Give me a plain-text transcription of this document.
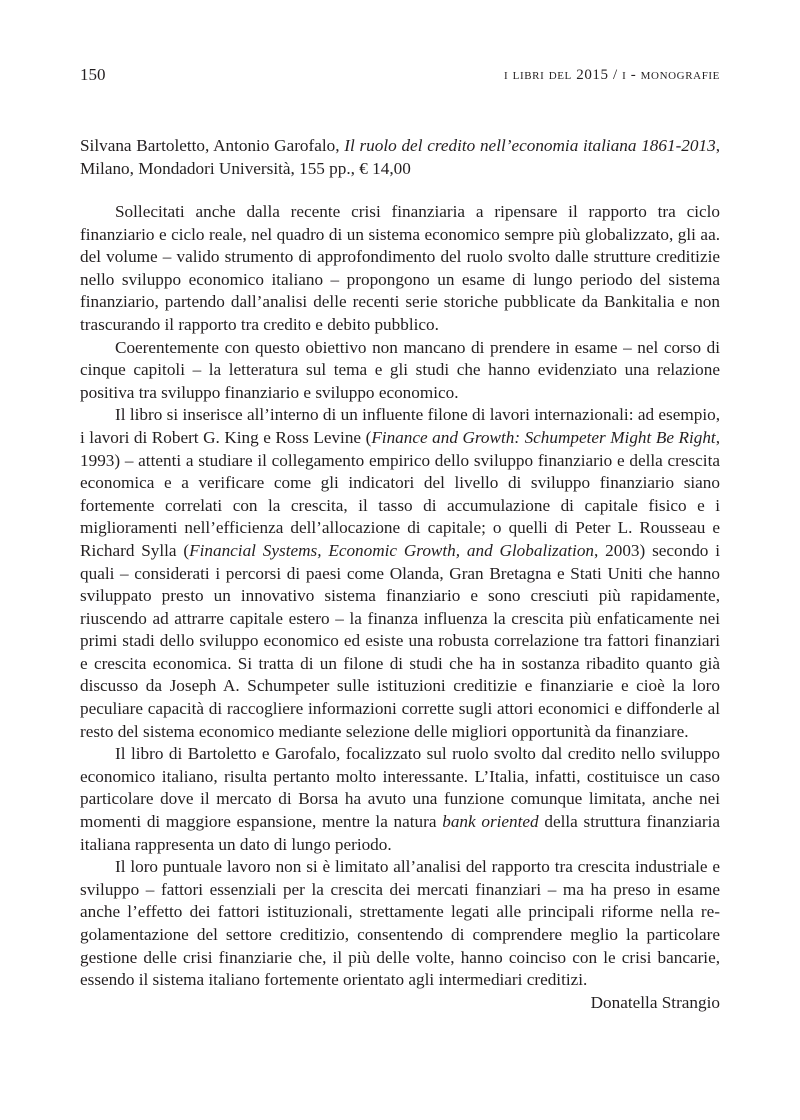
150	i libri del 2015 / i - monografie
Silvana Bartoletto, Antonio Garofalo, Il ruolo del credito nell’economia italiana 1861-2013, Milano, Mondadori Università, 155 pp., € 14,00

Sollecitati anche dalla recente crisi finanziaria a ripensare il rapporto tra ciclo finanziario e ciclo reale, nel quadro di un sistema economico sempre più globalizzato, gli aa. del volume – valido strumento di approfondimento del ruolo svolto dalle strutture creditizie nello sviluppo economico italiano – propongono un esame di lungo periodo del sistema finanziario, partendo dall’analisi delle recenti serie storiche pubblicate da Bankitalia e non trascurando il rapporto tra credito e debito pubblico.

Coerentemente con questo obiettivo non mancano di prendere in esame – nel corso di cinque capitoli – la letteratura sul tema e gli studi che hanno evidenziato una relazione positiva tra sviluppo finanziario e sviluppo economico.

Il libro si inserisce all’interno di un influente filone di lavori internazionali: ad esempio, i lavori di Robert G. King e Ross Levine (Finance and Growth: Schumpeter Might Be Right, 1993) – attenti a studiare il collegamento empirico dello sviluppo finanziario e della crescita economica e a verificare come gli indicatori del livello di sviluppo finanziario siano fortemente correlati con la crescita, il tasso di accumulazione di capitale fisico e i miglioramenti nell’efficienza dell’allocazione di capitale; o quelli di Peter L. Rousseau e Richard Sylla (Financial Systems, Economic Growth, and Globalization, 2003) secondo i quali – considerati i percorsi di paesi come Olanda, Gran Bretagna e Stati Uniti che hanno sviluppato presto un innovativo sistema finanziario e sono cresciuti più rapidamente, riuscendo ad attrarre capitale estero – la finanza influenza la crescita più enfaticamente nei primi stadi dello sviluppo economico ed esiste una robusta correlazione tra fattori finanziari e crescita economica. Si tratta di un filone di studi che ha in sostanza ribadito quanto già discusso da Joseph A. Schumpeter sulle istituzioni creditizie e finanziarie e cioè la loro peculiare capacità di raccogliere informazioni corrette sugli attori economici e diffonderle al resto del sistema economico mediante selezione delle migliori opportunità da finanziare.

Il libro di Bartoletto e Garofalo, focalizzato sul ruolo svolto dal credito nello sviluppo economico italiano, risulta pertanto molto interessante. L’Italia, infatti, costituisce un caso particolare dove il mercato di Borsa ha avuto una funzione comunque limitata, anche nei momenti di maggiore espansione, mentre la natura bank oriented della struttura finanziaria italiana rappresenta un dato di lungo periodo.

Il loro puntuale lavoro non si è limitato all’analisi del rapporto tra crescita industriale e sviluppo – fattori essenziali per la crescita dei mercati finanziari – ma ha preso in esame anche l’effetto dei fattori istituzionali, strettamente legati alle principali riforme nella regolamentazione del settore creditizio, consentendo di comprendere meglio la particolare gestione delle crisi finanziarie che, il più delle volte, hanno coinciso con le crisi bancarie, essendo il sistema italiano fortemente orientato agli intermediari creditizi.

Donatella Strangio
